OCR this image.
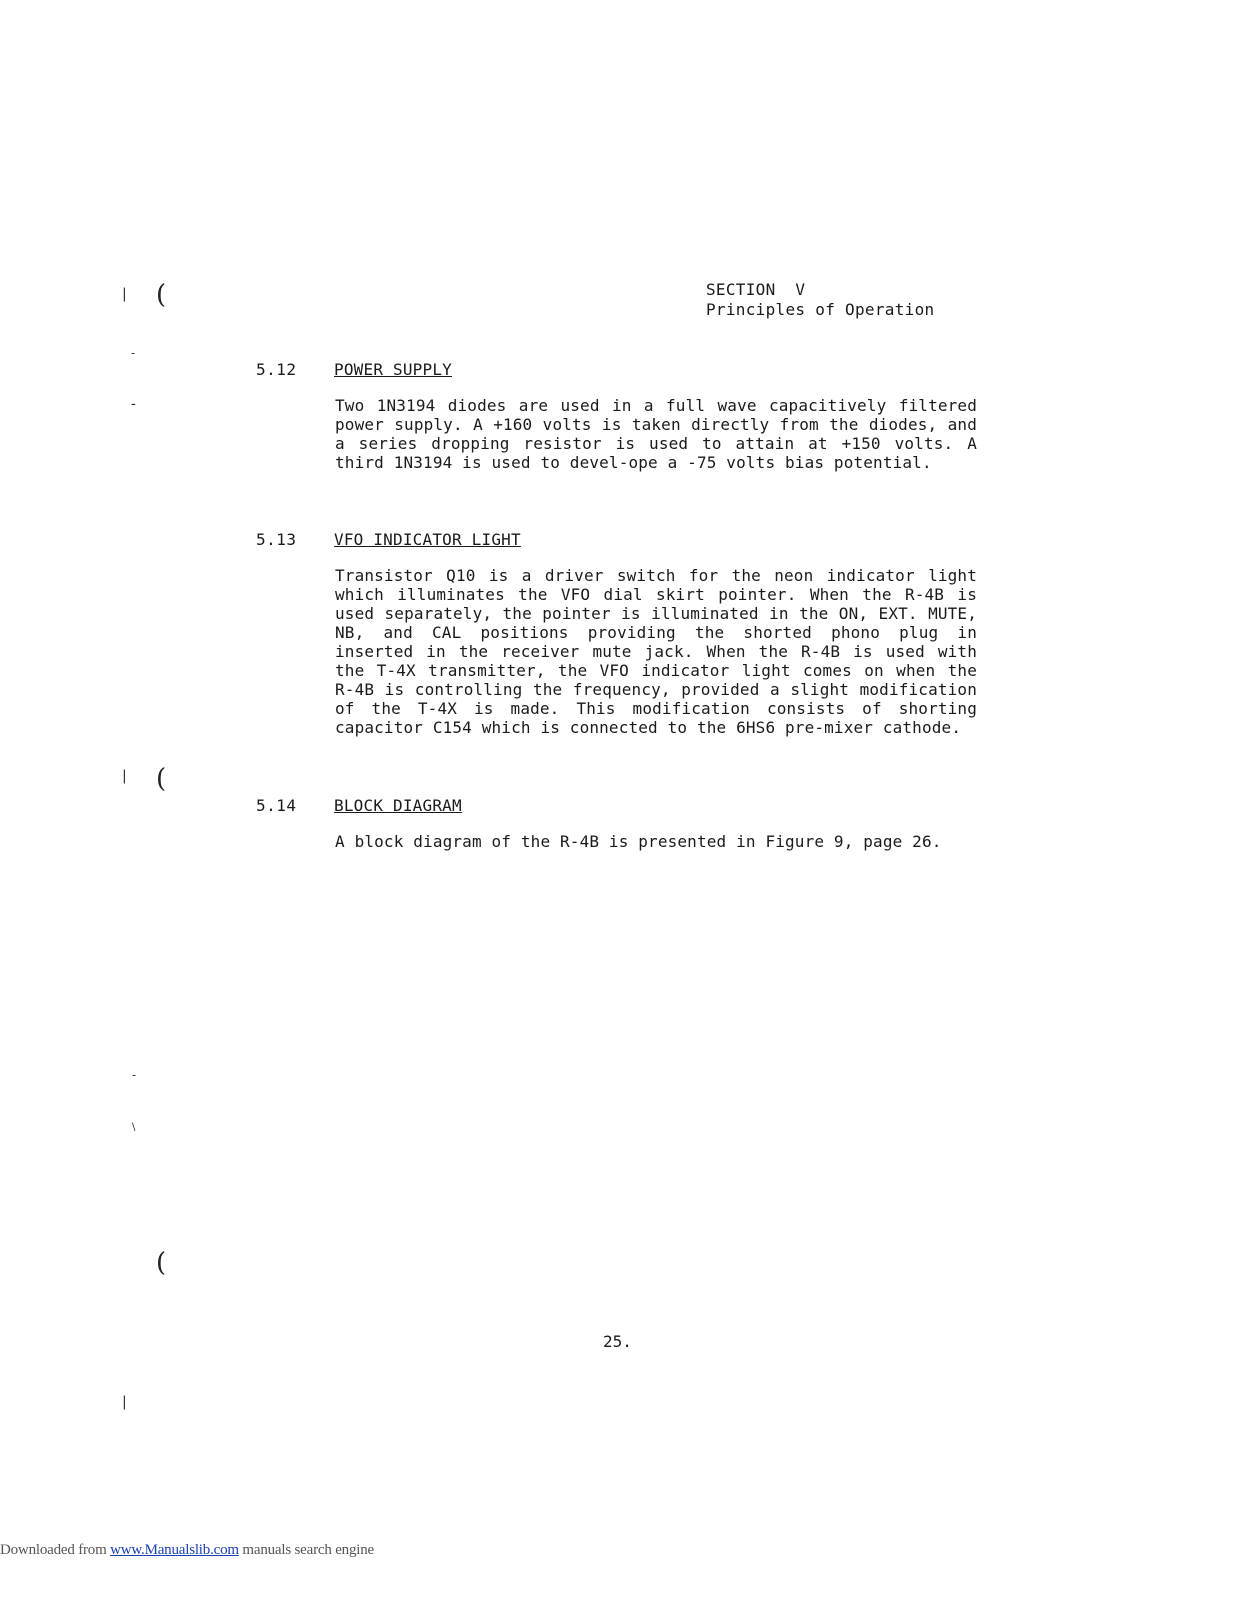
| (
-
-
| (
-
\
(
|
SECTION  V
Principles of Operation
5.12 POWER SUPPLY

Two 1N3194 diodes are used in a full wave capacitively filtered power supply. A +160 volts is taken directly from the diodes, and a series dropping resistor is used to attain at +150 volts. A third 1N3194 is used to devel-ope a -75 volts bias potential.

5.13 VFO INDICATOR LIGHT

Transistor Q10 is a driver switch for the neon indicator light which illuminates the VFO dial skirt pointer. When the R-4B is used separately, the pointer is illuminated in the ON, EXT. MUTE, NB, and CAL positions providing the shorted phono plug in inserted in the receiver mute jack. When the R-4B is used with the T-4X transmitter, the VFO indicator light comes on when the R-4B is controlling the frequency, provided a slight modification of the T-4X is made. This modification consists of shorting capacitor C154 which is connected to the 6HS6 pre-mixer cathode.

5.14 BLOCK DIAGRAM

A block diagram of the R-4B is presented in Figure 9, page 26.

25.
Downloaded from www.Manualslib.com manuals search engine
